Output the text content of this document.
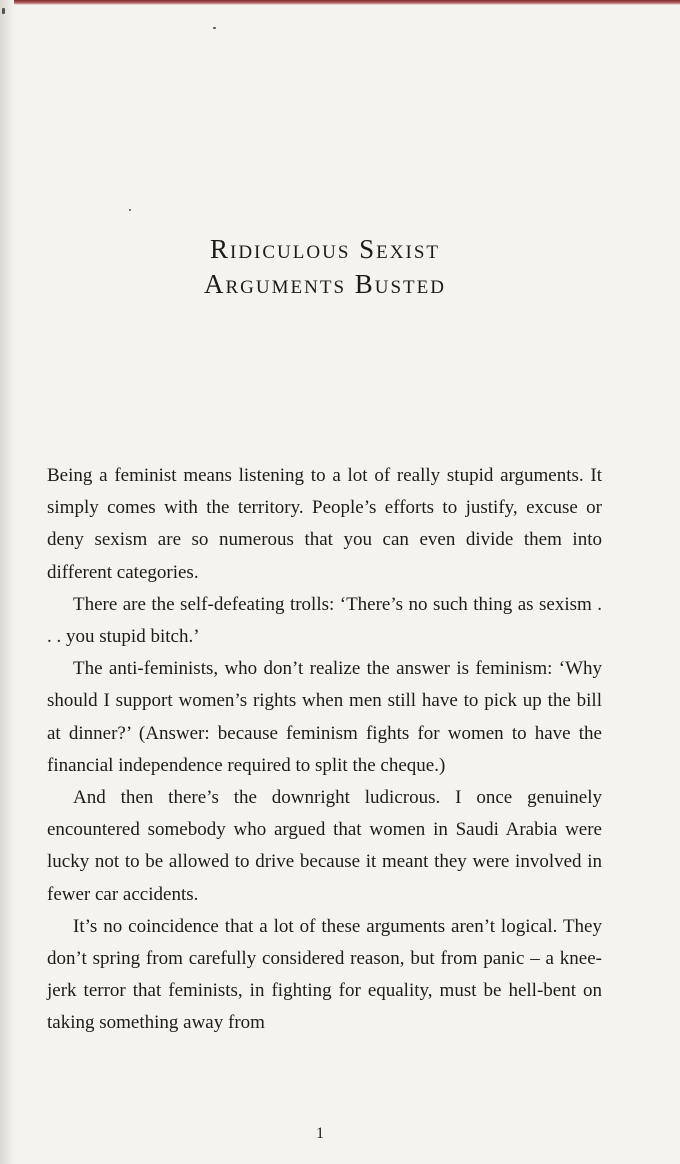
Ridiculous Sexist
Arguments Busted

Being a feminist means listening to a lot of really stupid arguments. It simply comes with the territory. People’s efforts to justify, excuse or deny sexism are so numerous that you can even divide them into different categories.

There are the self-defeating trolls: ‘There’s no such thing as sexism . . . you stupid bitch.’

The anti-feminists, who don’t realize the answer is feminism: ‘Why should I support women’s rights when men still have to pick up the bill at dinner?’ (Answer: because feminism fights for women to have the financial independence required to split the cheque.)

And then there’s the downright ludicrous. I once genuinely encountered somebody who argued that women in Saudi Arabia were lucky not to be allowed to drive because it meant they were involved in fewer car accidents.

It’s no coincidence that a lot of these arguments aren’t logical. They don’t spring from carefully considered reason, but from panic – a knee-jerk terror that feminists, in fighting for equality, must be hell-bent on taking something away from

1
